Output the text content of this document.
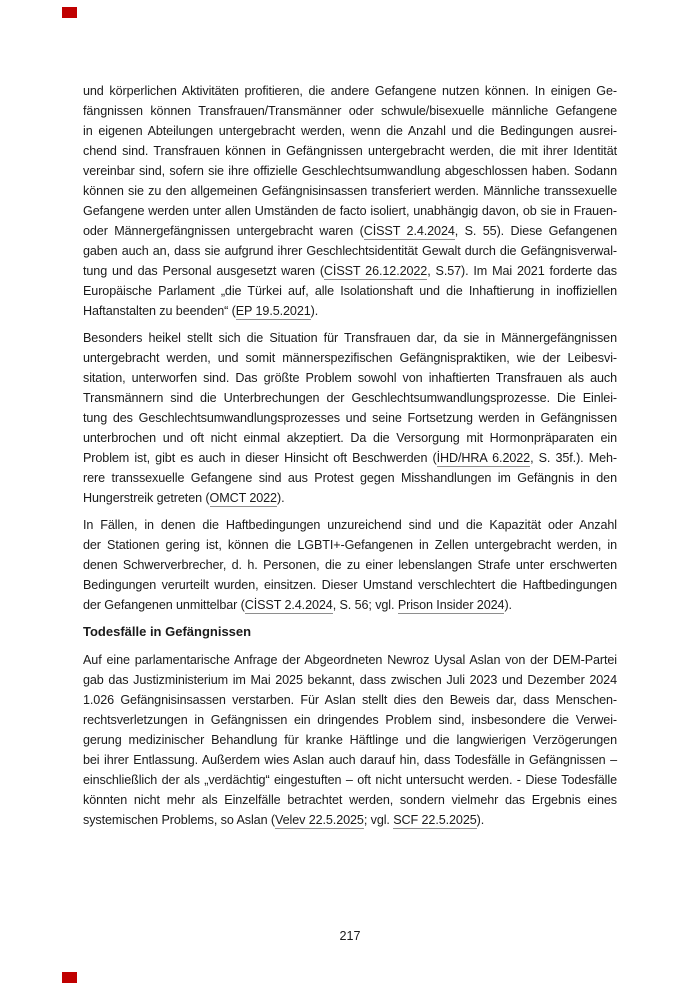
und körperlichen Aktivitäten profitieren, die andere Gefangene nutzen können. In einigen Ge-
fängnissen können Transfrauen/Transmänner oder schwule/bisexuelle männliche Gefangene
in eigenen Abteilungen untergebracht werden, wenn die Anzahl und die Bedingungen ausrei-
chend sind. Transfrauen können in Gefängnissen untergebracht werden, die mit ihrer Identität
vereinbar sind, sofern sie ihre offizielle Geschlechtsumwandlung abgeschlossen haben. Sodann
können sie zu den allgemeinen Gefängnisinsassen transferiert werden. Männliche transsexuelle
Gefangene werden unter allen Umständen de facto isoliert, unabhängig davon, ob sie in Frauen-
oder Männergefängnissen untergebracht waren (CİSST 2.4.2024, S. 55). Diese Gefangenen
gaben auch an, dass sie aufgrund ihrer Geschlechtsidentität Gewalt durch die Gefängnisverwal-
tung und das Personal ausgesetzt waren (CİSST 26.12.2022, S.57). Im Mai 2021 forderte das
Europäische Parlament „die Türkei auf, alle Isolationshaft und die Inhaftierung in inoffiziellen
Haftanstalten zu beenden“ (EP 19.5.2021).
Besonders heikel stellt sich die Situation für Transfrauen dar, da sie in Männergefängnissen
untergebracht werden, und somit männerspezifischen Gefängnispraktiken, wie der Leibesvi-
sitation, unterworfen sind. Das größte Problem sowohl von inhaftierten Transfrauen als auch
Transmännern sind die Unterbrechungen der Geschlechtsumwandlungsprozesse. Die Einlei-
tung des Geschlechtsumwandlungsprozesses und seine Fortsetzung werden in Gefängnissen
unterbrochen und oft nicht einmal akzeptiert. Da die Versorgung mit Hormonpräparaten ein
Problem ist, gibt es auch in dieser Hinsicht oft Beschwerden (İHD/HRA 6.2022, S. 35f.). Meh-
rere transsexuelle Gefangene sind aus Protest gegen Misshandlungen im Gefängnis in den
Hungerstreik getreten (OMCT 2022).
In Fällen, in denen die Haftbedingungen unzureichend sind und die Kapazität oder Anzahl
der Stationen gering ist, können die LGBTI+-Gefangenen in Zellen untergebracht werden, in
denen Schwerverbrecher, d. h. Personen, die zu einer lebenslangen Strafe unter erschwerten
Bedingungen verurteilt wurden, einsitzen. Dieser Umstand verschlechtert die Haftbedingungen
der Gefangenen unmittelbar (CİSST 2.4.2024, S. 56; vgl. Prison Insider 2024).
Todesfälle in Gefängnissen
Auf eine parlamentarische Anfrage der Abgeordneten Newroz Uysal Aslan von der DEM-Partei
gab das Justizministerium im Mai 2025 bekannt, dass zwischen Juli 2023 und Dezember 2024
1.026 Gefängnisinsassen verstarben. Für Aslan stellt dies den Beweis dar, dass Menschen-
rechtsverletzungen in Gefängnissen ein dringendes Problem sind, insbesondere die Verwei-
gerung medizinischer Behandlung für kranke Häftlinge und die langwierigen Verzögerungen
bei ihrer Entlassung. Außerdem wies Aslan auch darauf hin, dass Todesfälle in Gefängnissen –
einschließlich der als „verdächtig“ eingestuften – oft nicht untersucht werden. - Diese Todesfälle
könnten nicht mehr als Einzelfälle betrachtet werden, sondern vielmehr das Ergebnis eines
systemischen Problems, so Aslan (Velev 22.5.2025; vgl. SCF 22.5.2025).
217
